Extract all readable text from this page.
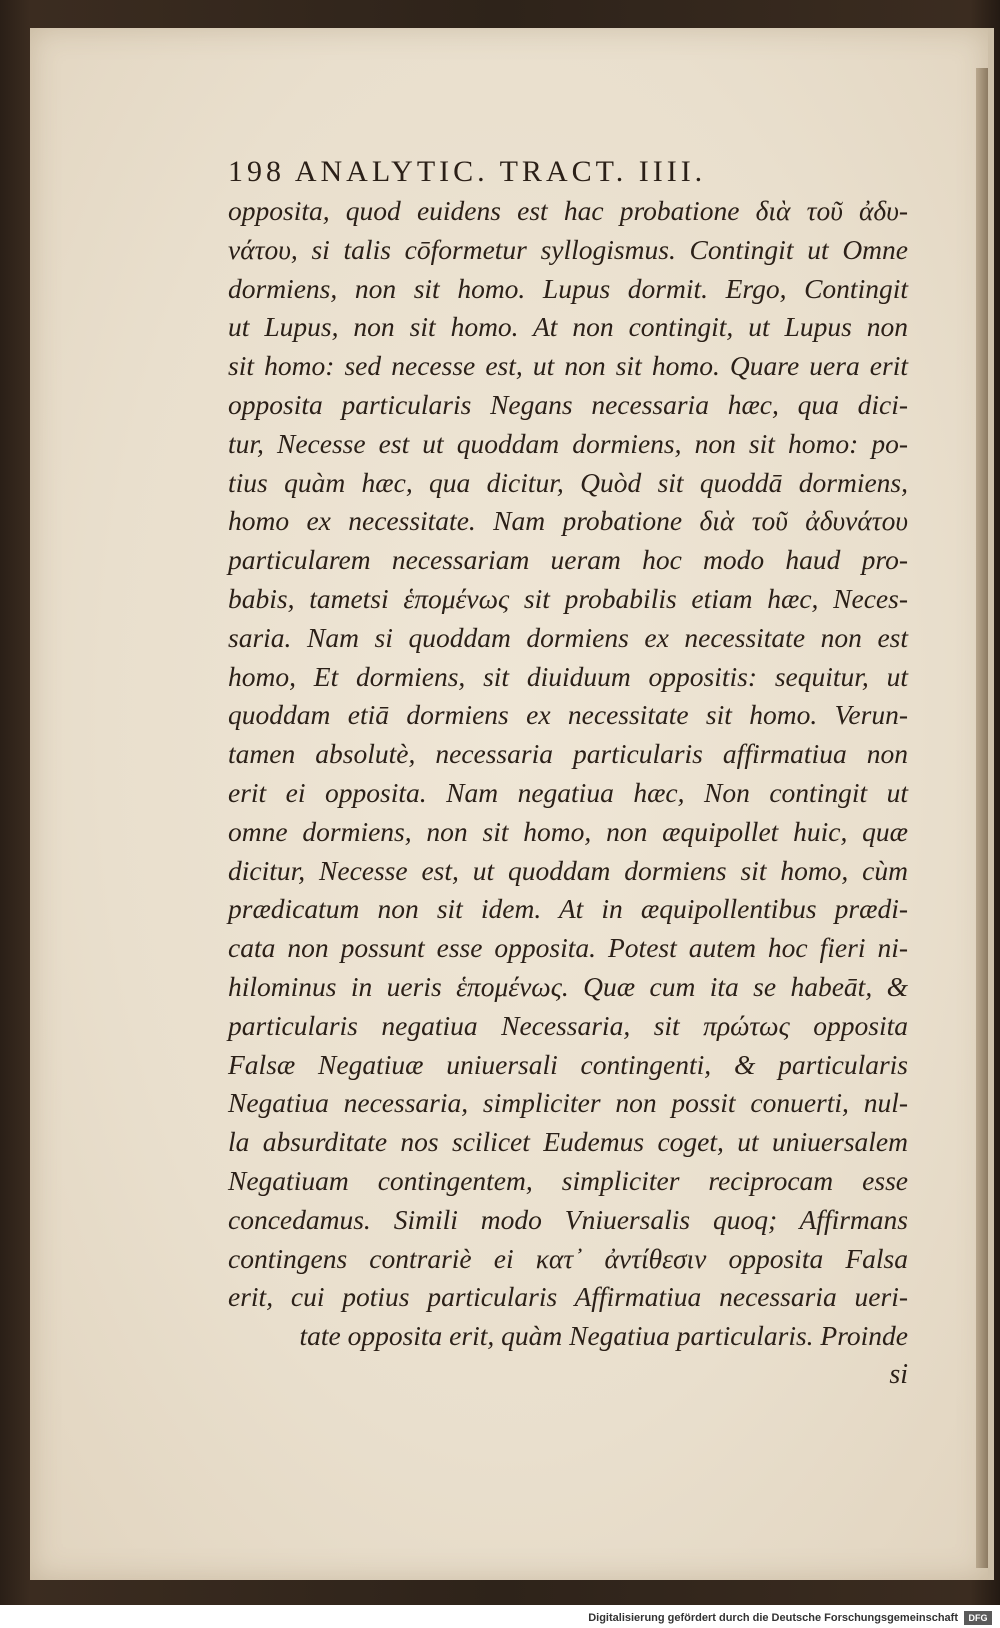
198 ANALYTIC. TRACT. IIII.
opposita, quod euidens est hac probatione διὰ τοῦ ἀδυ-
νάτου, si talis cōformetur syllogismus. Contingit ut Omne
dormiens, non sit homo. Lupus dormit. Ergo, Contingit
ut Lupus, non sit homo. At non contingit, ut Lupus non
sit homo: sed necesse est, ut non sit homo. Quare uera erit
opposita particularis Negans necessaria hæc, qua dici-
tur, Necesse est ut quoddam dormiens, non sit homo: po-
tius quàm hæc, qua dicitur, Quòd sit quoddā dormiens,
homo ex necessitate. Nam probatione διὰ τοῦ ἀδυνάτου
particularem necessariam ueram hoc modo haud pro-
babis, tametsi ἑπομένως sit probabilis etiam hæc, Neces-
saria. Nam si quoddam dormiens ex necessitate non est
homo, Et dormiens, sit diuiduum oppositis: sequitur, ut
quoddam etiā dormiens ex necessitate sit homo. Verun-
tamen absolutè, necessaria particularis affirmatiua non
erit ei opposita. Nam negatiua hæc, Non contingit ut
omne dormiens, non sit homo, non æquipollet huic, quæ
dicitur, Necesse est, ut quoddam dormiens sit homo, cùm
prædicatum non sit idem. At in æquipollentibus prædi-
cata non possunt esse opposita. Potest autem hoc fieri ni-
hilominus in ueris ἑπομένως. Quæ cum ita se habeāt, &
particularis negatiua Necessaria, sit πρώτως opposita
Falsæ Negatiuæ uniuersali contingenti, & particularis
Negatiua necessaria, simpliciter non possit conuerti, nul-
la absurditate nos scilicet Eudemus coget, ut uniuersalem
Negatiuam contingentem, simpliciter reciprocam esse
concedamus. Simili modo Vniuersalis quoq; Affirmans
contingens contrariè ei κατ᾽ ἀντίθεσιν opposita Falsa
erit, cui potius particularis Affirmatiua necessaria ueri-
tate opposita erit, quàm Negatiua particularis. Proinde
si
Digitalisierung gefördert durch die Deutsche Forschungsgemeinschaft	DFG
